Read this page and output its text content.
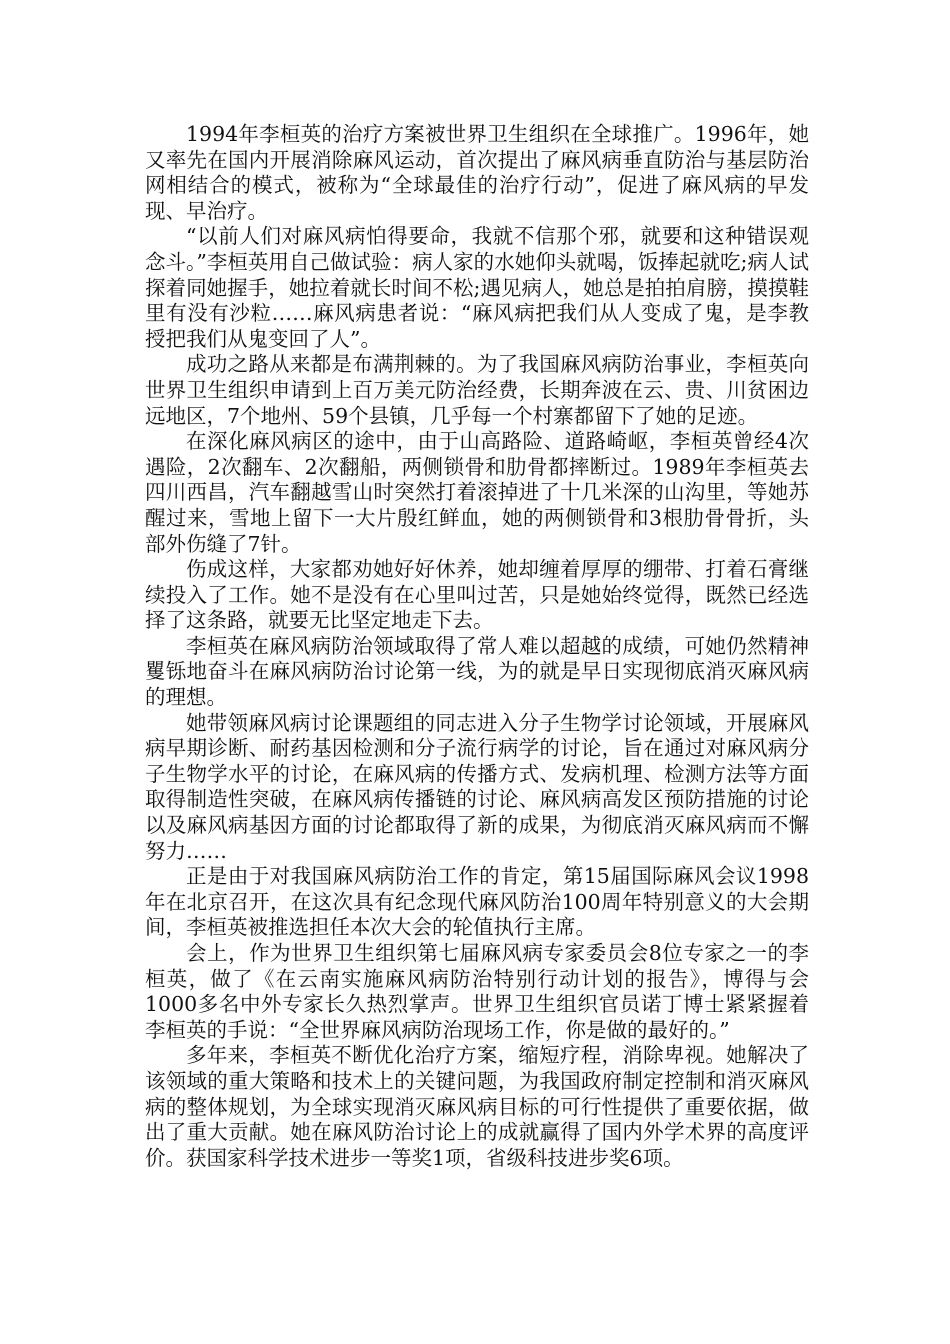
1994年李桓英的治疗方案被世界卫生组织在全球推广。1996年，她又率先在国内开展消除麻风运动，首次提出了麻风病垂直防治与基层防治网相结合的模式，被称为“全球最佳的治疗行动”，促进了麻风病的早发现、早治疗。

“以前人们对麻风病怕得要命，我就不信那个邪，就要和这种错误观念斗。”李桓英用自己做试验：病人家的水她仰头就喝，饭捧起就吃;病人试探着同她握手，她拉着就长时间不松;遇见病人，她总是拍拍肩膀，摸摸鞋里有没有沙粒……麻风病患者说：“麻风病把我们从人变成了鬼，是李教授把我们从鬼变回了人”。

成功之路从来都是布满荆棘的。为了我国麻风病防治事业，李桓英向世界卫生组织申请到上百万美元防治经费，长期奔波在云、贵、川贫困边远地区，7个地州、59个县镇，几乎每一个村寨都留下了她的足迹。

在深化麻风病区的途中，由于山高路险、道路崎岖，李桓英曾经4次遇险，2次翻车、2次翻船，两侧锁骨和肋骨都摔断过。1989年李桓英去四川西昌，汽车翻越雪山时突然打着滚掉进了十几米深的山沟里，等她苏醒过来，雪地上留下一大片殷红鲜血，她的两侧锁骨和3根肋骨骨折，头部外伤缝了7针。

伤成这样，大家都劝她好好休养，她却缠着厚厚的绷带、打着石膏继续投入了工作。她不是没有在心里叫过苦，只是她始终觉得，既然已经选择了这条路，就要无比坚定地走下去。

李桓英在麻风病防治领域取得了常人难以超越的成绩，可她仍然精神矍铄地奋斗在麻风病防治讨论第一线，为的就是早日实现彻底消灭麻风病的理想。

她带领麻风病讨论课题组的同志进入分子生物学讨论领域，开展麻风病早期诊断、耐药基因检测和分子流行病学的讨论，旨在通过对麻风病分子生物学水平的讨论，在麻风病的传播方式、发病机理、检测方法等方面取得制造性突破，在麻风病传播链的讨论、麻风病高发区预防措施的讨论以及麻风病基因方面的讨论都取得了新的成果，为彻底消灭麻风病而不懈努力……

正是由于对我国麻风病防治工作的肯定，第15届国际麻风会议1998年在北京召开，在这次具有纪念现代麻风防治100周年特别意义的大会期间，李桓英被推选担任本次大会的轮值执行主席。

会上，作为世界卫生组织第七届麻风病专家委员会8位专家之一的李桓英，做了《在云南实施麻风病防治特别行动计划的报告》，博得与会1000多名中外专家长久热烈掌声。世界卫生组织官员诺丁博士紧紧握着李桓英的手说：“全世界麻风病防治现场工作，你是做的最好的。”

多年来，李桓英不断优化治疗方案，缩短疗程，消除卑视。她解决了该领域的重大策略和技术上的关键问题，为我国政府制定控制和消灭麻风病的整体规划，为全球实现消灭麻风病目标的可行性提供了重要依据，做出了重大贡献。她在麻风防治讨论上的成就赢得了国内外学术界的高度评价。获国家科学技术进步一等奖1项，省级科技进步奖6项。
